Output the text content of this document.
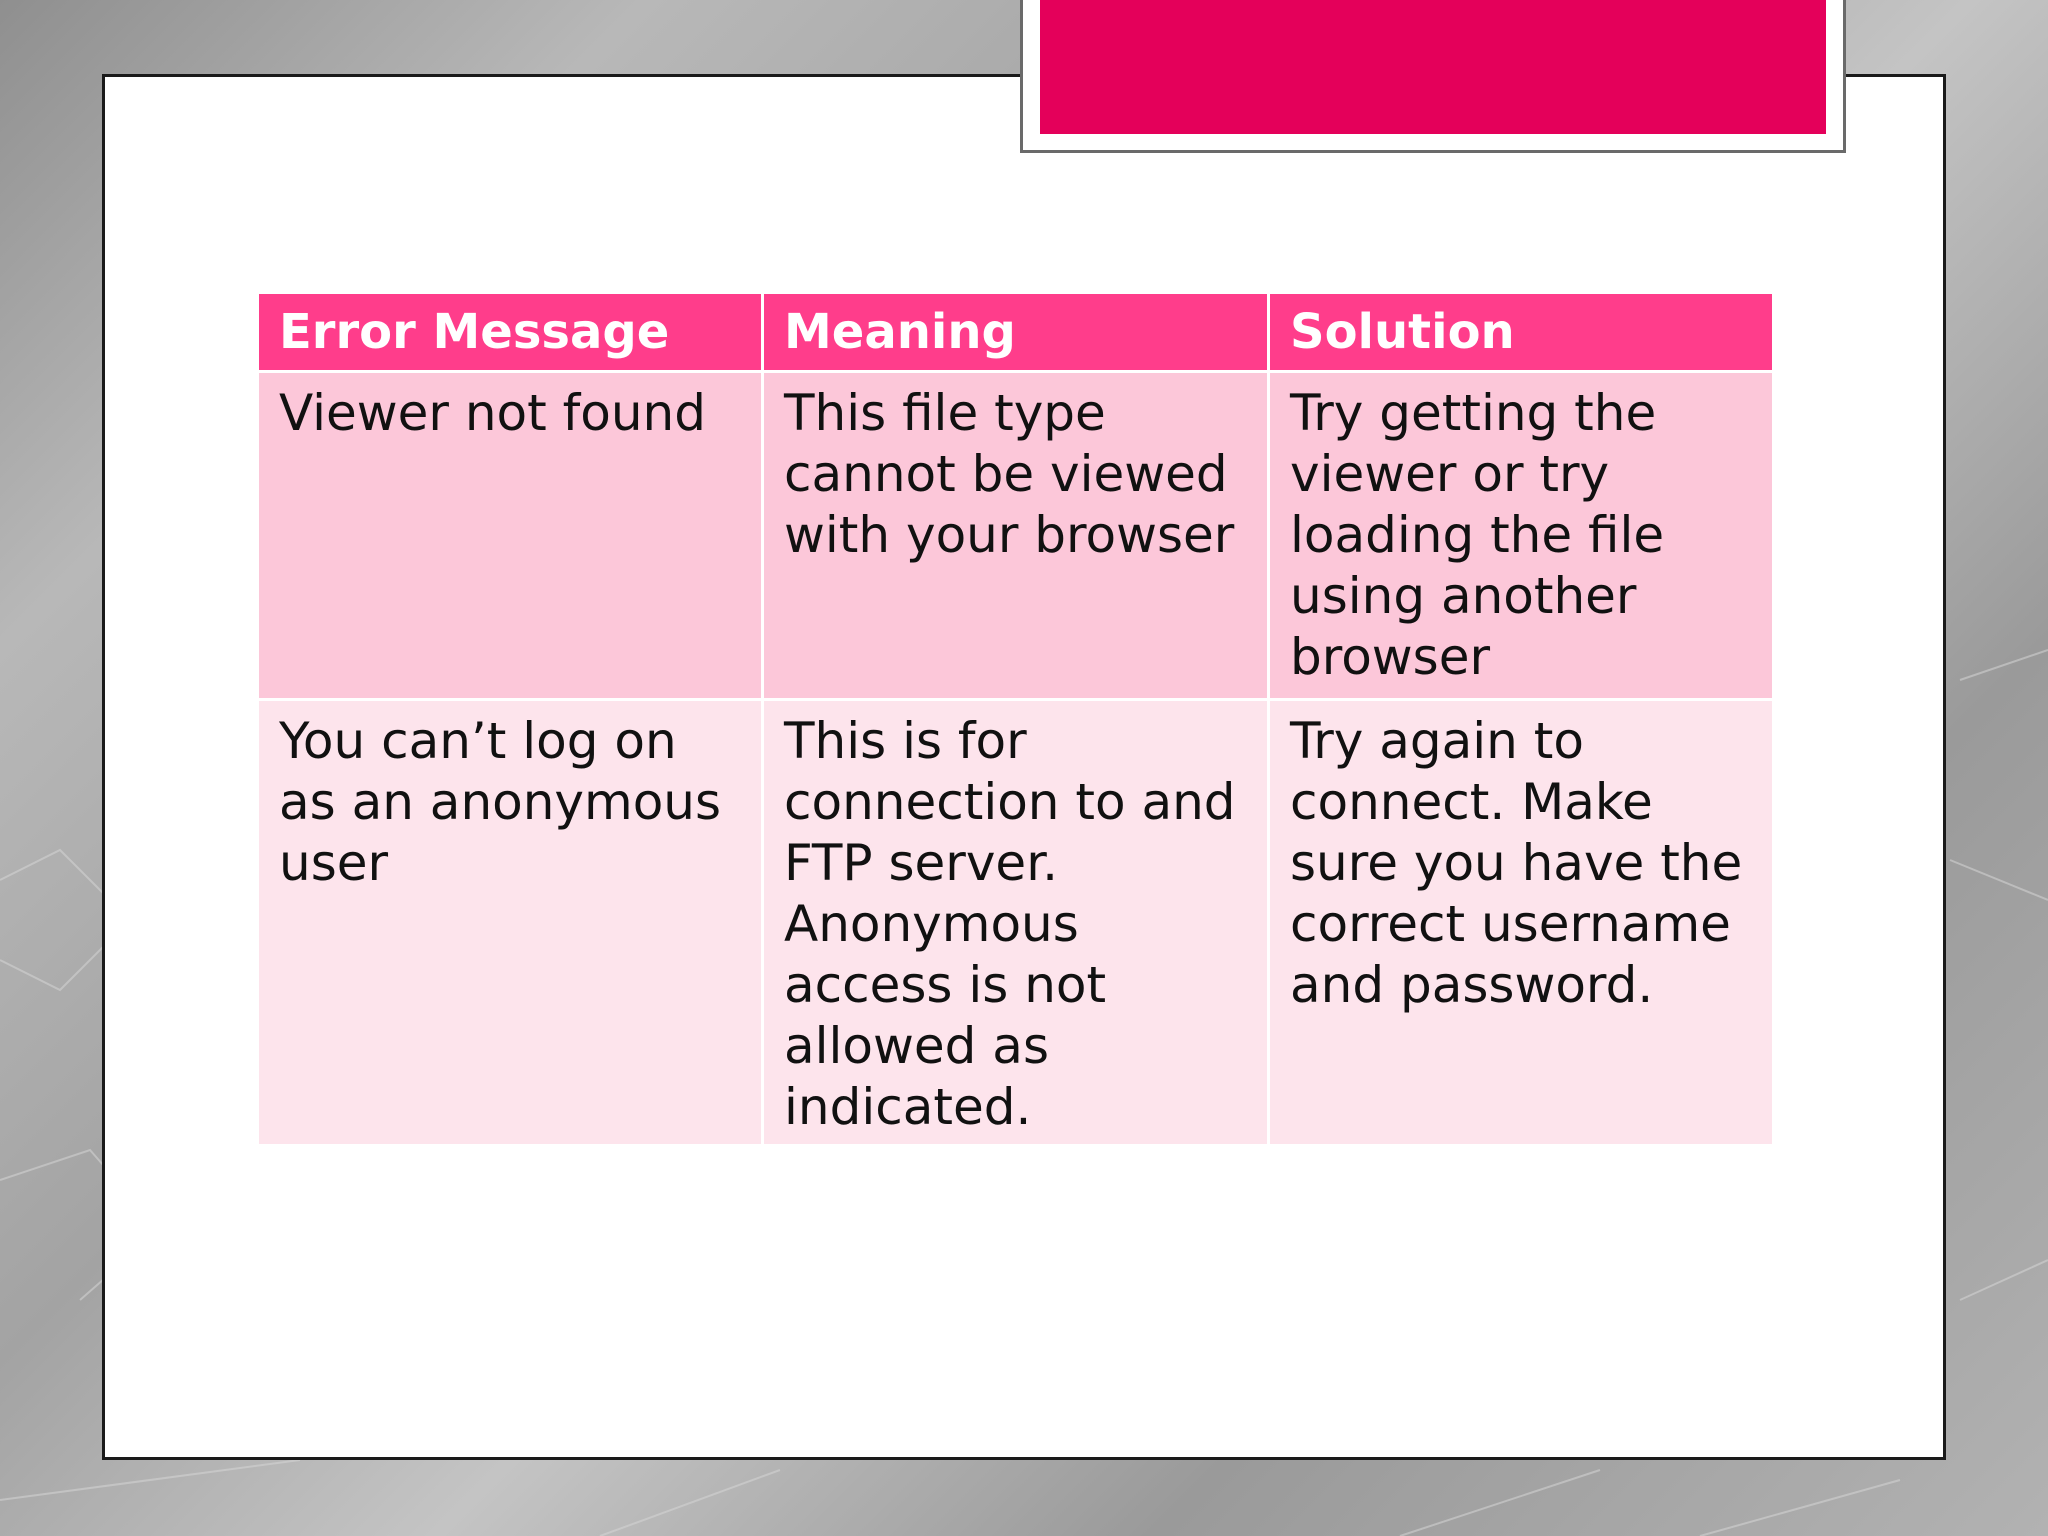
Error Message	Meaning	Solution
Viewer not found	This file type cannot be viewed with your browser	Try getting the viewer or try loading the file using another browser
You can’t log on as an anonymous user	This is for connection to and FTP server. Anonymous access is not allowed as indicated.	Try again to connect. Make sure you have the correct username and password.
